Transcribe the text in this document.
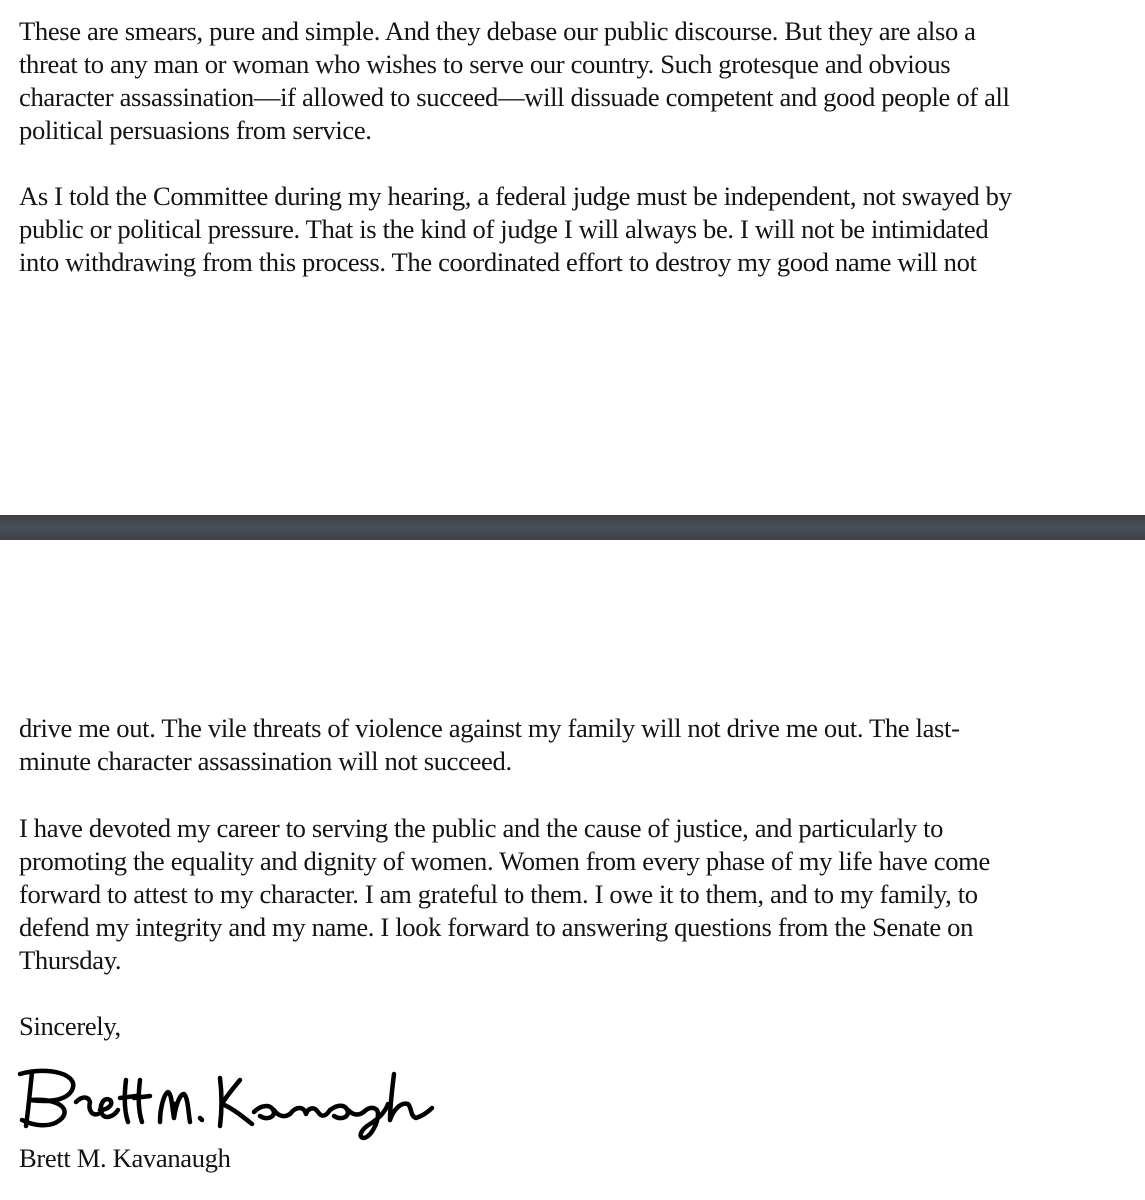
These are smears, pure and simple. And they debase our public discourse. But they are also a
threat to any man or woman who wishes to serve our country. Such grotesque and obvious
character assassination—if allowed to succeed—will dissuade competent and good people of all
political persuasions from service.
As I told the Committee during my hearing, a federal judge must be independent, not swayed by
public or political pressure. That is the kind of judge I will always be. I will not be intimidated
into withdrawing from this process. The coordinated effort to destroy my good name will not
drive me out. The vile threats of violence against my family will not drive me out. The last-
minute character assassination will not succeed.
I have devoted my career to serving the public and the cause of justice, and particularly to
promoting the equality and dignity of women. Women from every phase of my life have come
forward to attest to my character. I am grateful to them. I owe it to them, and to my family, to
defend my integrity and my name. I look forward to answering questions from the Senate on
Thursday.
Sincerely,
Brett M. Kavanaugh
